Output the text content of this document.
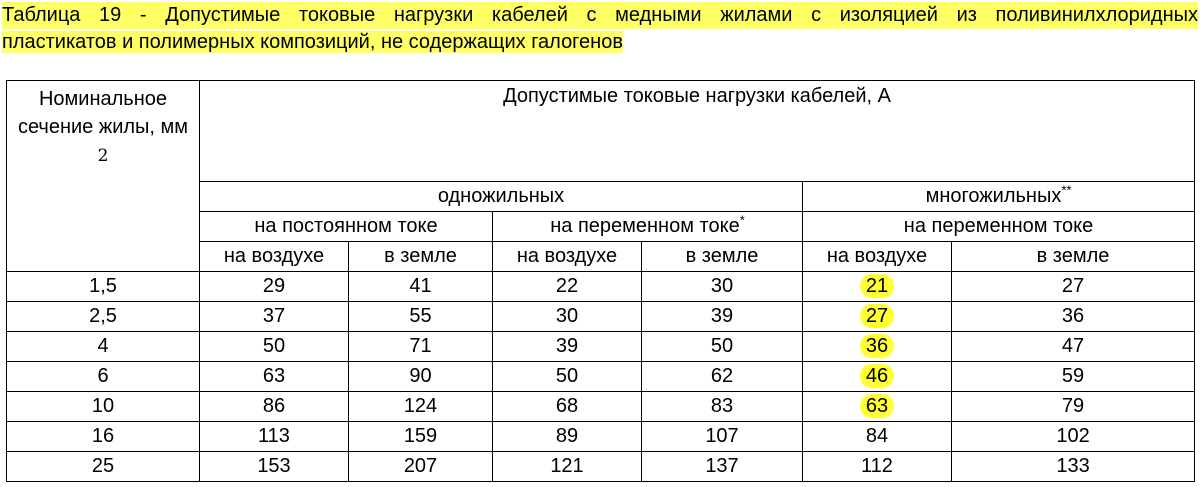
Таблица 19 - Допустимые токовые нагрузки кабелей с медными жилами с изоляцией из поливинилхлоридных
пластикатов и полимерных композиций, не содержащих галогенов
Номинальное сечение жилы, мм
2	Допустимые токовые нагрузки кабелей, А					
	одножильных				многожильных**
	на постоянном токе		на переменном токе*		на переменном токе	
	на воздухе	в земле	на воздухе	в земле	на воздухе	в земле
1,5	29	41	22	30	21	27
2,5	37	55	30	39	27	36
4	50	71	39	50	36	47
6	63	90	50	62	46	59
10	86	124	68	83	63	79
16	113	159	89	107	84	102
25	153	207	121	137	112	133
